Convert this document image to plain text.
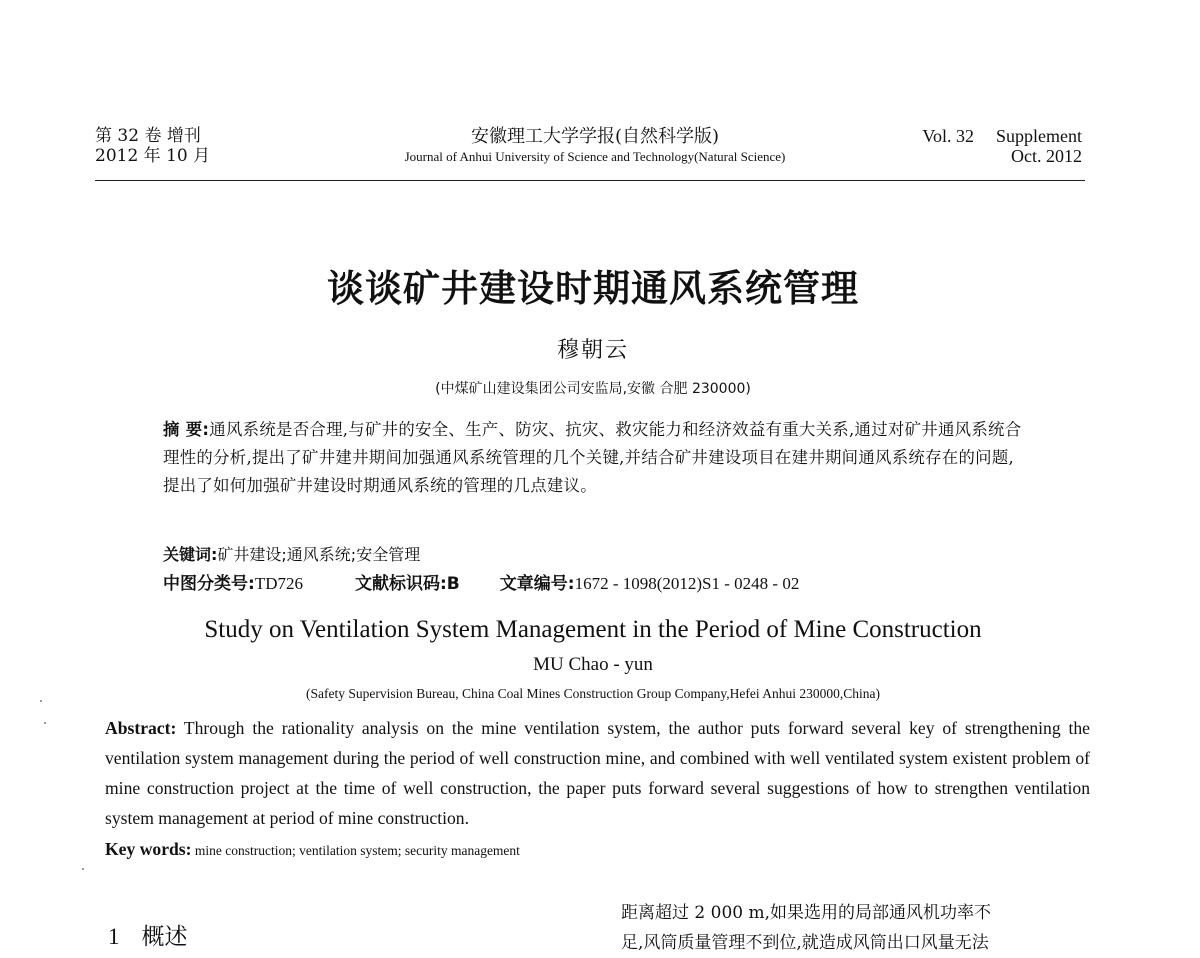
第 32 卷 增刊
2012 年 10 月
安徽理工大学学报(自然科学版)
Journal of Anhui University of Science and Technology(Natural Science)
Vol. 32 Supplement
Oct. 2012
谈谈矿井建设时期通风系统管理
穆朝云
(中煤矿山建设集团公司安监局,安徽 合肥 230000)
摘 要:通风系统是否合理,与矿井的安全、生产、防灾、抗灾、救灾能力和经济效益有重大关系,通过对矿井通风系统合理性的分析,提出了矿井建井期间加强通风系统管理的几个关键,并结合矿井建设项目在建井期间通风系统存在的问题,提出了如何加强矿井建设时期通风系统的管理的几点建议。
关键词:矿井建设;通风系统;安全管理
中图分类号:TD726	文献标识码:B 文章编号:1672 - 1098(2012)S1 - 0248 - 02
Study on Ventilation System Management in the Period of Mine Construction
MU Chao - yun
(Safety Supervision Bureau, China Coal Mines Construction Group Company,Hefei Anhui 230000,China)
Abstract: Through the rationality analysis on the mine ventilation system, the author puts forward several key of strengthening the ventilation system management during the period of well construction mine, and combined with well ventilated system existent problem of mine construction project at the time of well construction, the paper puts forward several suggestions of how to strengthen ventilation system management at period of mine construction.
Key words: mine construction; ventilation system; security management
1 概述
距离超过 2 000 m,如果选用的局部通风机功率不
足,风筒质量管理不到位,就造成风筒出口风量无法
